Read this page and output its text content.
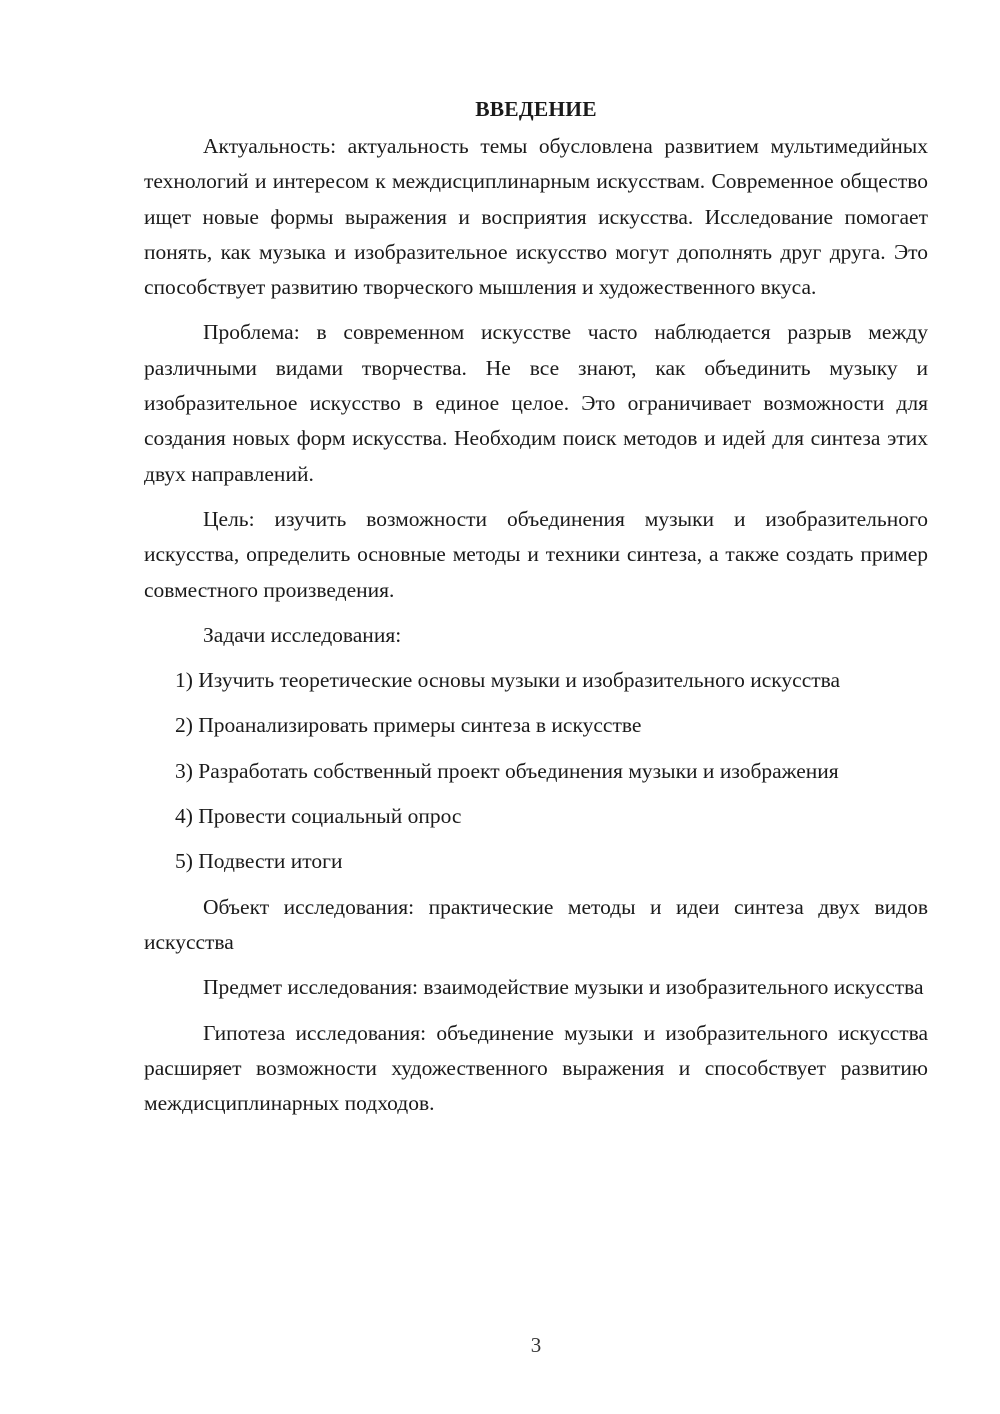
ВВЕДЕНИЕ

Актуальность: актуальность темы обусловлена развитием мультимедийных технологий и интересом к междисциплинарным искусствам. Современное общество ищет новые формы выражения и восприятия искусства. Исследование помогает понять, как музыка и изобразительное искусство могут дополнять друг друга. Это способствует развитию творческого мышления и художественного вкуса.

Проблема: в современном искусстве часто наблюдается разрыв между различными видами творчества. Не все знают, как объединить музыку и изобразительное искусство в единое целое. Это ограничивает возможности для создания новых форм искусства. Необходим поиск методов и идей для синтеза этих двух направлений.

Цель: изучить возможности объединения музыки и изобразительного искусства, определить основные методы и техники синтеза, а также создать пример совместного произведения.

Задачи исследования:

1) Изучить теоретические основы музыки и изобразительного искусства

2) Проанализировать примеры синтеза в искусстве

3) Разработать собственный проект объединения музыки и изображения

4) Провести социальный опрос

5) Подвести итоги

Объект исследования: практические методы и идеи синтеза двух видов искусства

Предмет исследования: взаимодействие музыки и изобразительного искусства

Гипотеза исследования: объединение музыки и изобразительного искусства расширяет возможности художественного выражения и способствует развитию междисциплинарных подходов.

3
